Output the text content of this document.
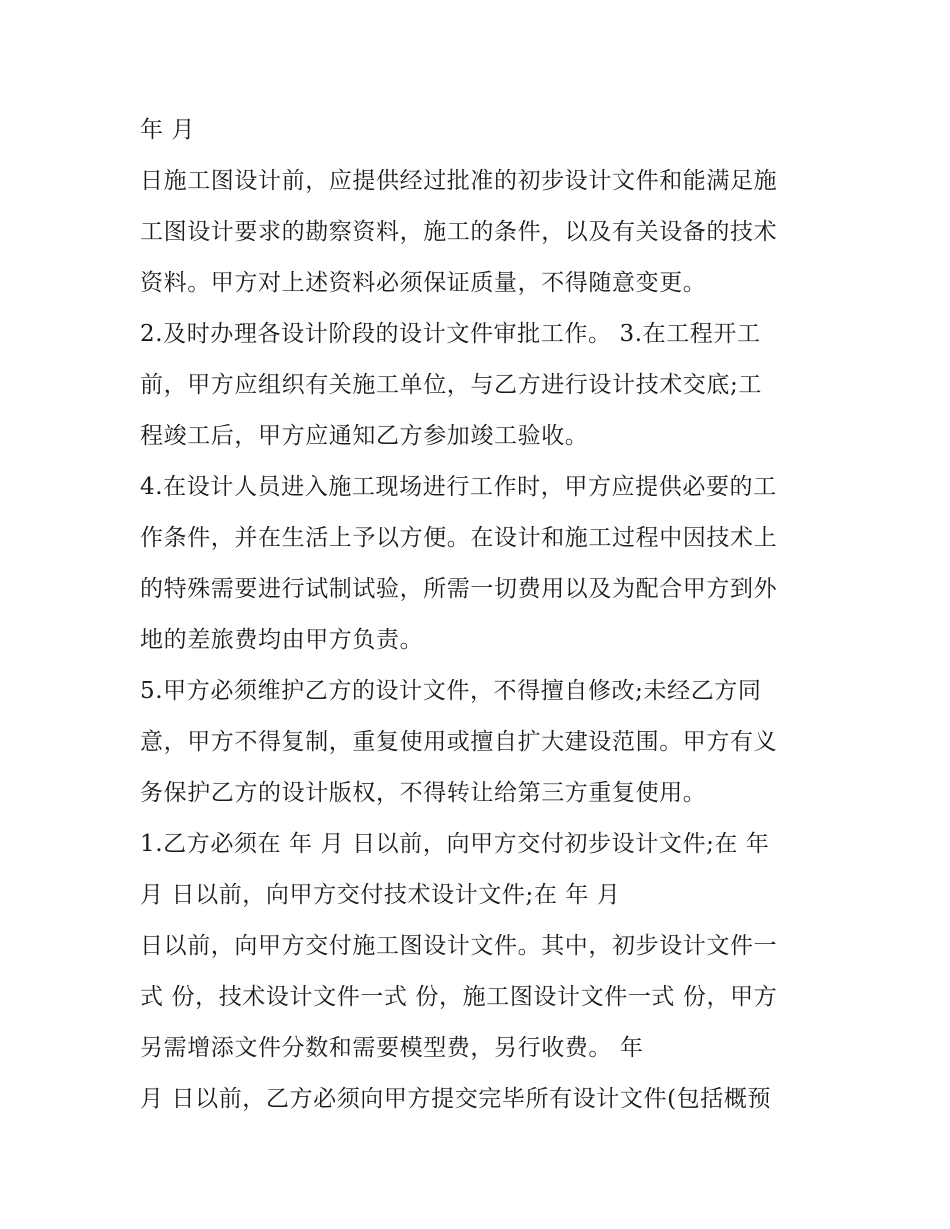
年 月
日施工图设计前，应提供经过批准的初步设计文件和能满足施
工图设计要求的勘察资料，施工的条件，以及有关设备的技术
资料。甲方对上述资料必须保证质量，不得随意变更。
2.及时办理各设计阶段的设计文件审批工作。 3.在工程开工
前，甲方应组织有关施工单位，与乙方进行设计技术交底;工
程竣工后，甲方应通知乙方参加竣工验收。
4.在设计人员进入施工现场进行工作时，甲方应提供必要的工
作条件，并在生活上予以方便。在设计和施工过程中因技术上
的特殊需要进行试制试验，所需一切费用以及为配合甲方到外
地的差旅费均由甲方负责。
5.甲方必须维护乙方的设计文件，不得擅自修改;未经乙方同
意，甲方不得复制，重复使用或擅自扩大建设范围。甲方有义
务保护乙方的设计版权，不得转让给第三方重复使用。
1.乙方必须在 年 月 日以前，向甲方交付初步设计文件;在 年
月 日以前，向甲方交付技术设计文件;在 年 月
日以前，向甲方交付施工图设计文件。其中，初步设计文件一
式 份，技术设计文件一式 份，施工图设计文件一式 份，甲方
另需增添文件分数和需要模型费，另行收费。 年
月 日以前，乙方必须向甲方提交完毕所有设计文件(包括概预
